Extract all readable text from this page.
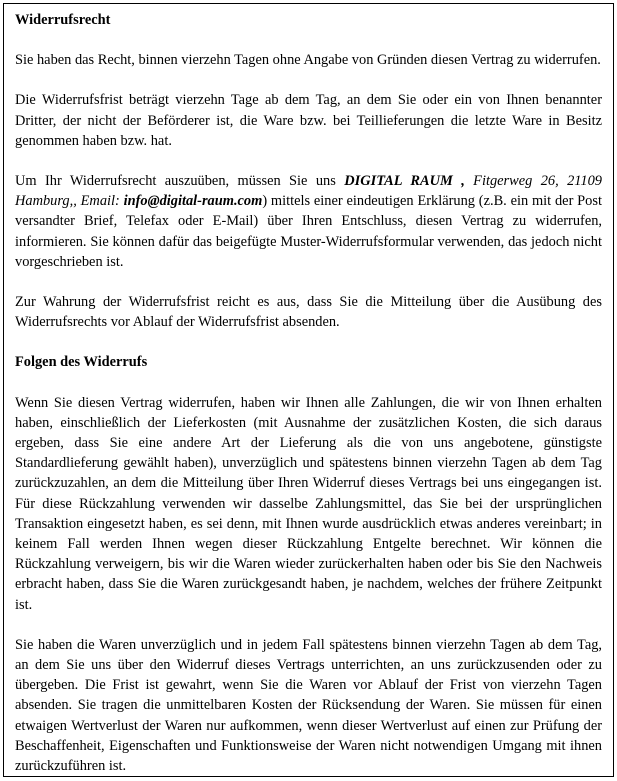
Widerrufsrecht

Sie haben das Recht, binnen vierzehn Tagen ohne Angabe von Gründen diesen Vertrag zu widerrufen.

Die Widerrufsfrist beträgt vierzehn Tage ab dem Tag, an dem Sie oder ein von Ihnen benannter Dritter, der nicht der Beförderer ist, die Ware bzw. bei Teillieferungen die letzte Ware in Besitz genommen haben bzw. hat.

Um Ihr Widerrufsrecht auszuüben, müssen Sie uns DIGITAL RAUM , Fitgerweg 26, 21109 Hamburg,, Email: info@digital-raum.com) mittels einer eindeutigen Erklärung (z.B. ein mit der Post versandter Brief, Telefax oder E-Mail) über Ihren Entschluss, diesen Vertrag zu widerrufen, informieren. Sie können dafür das beigefügte Muster-Widerrufsformular verwenden, das jedoch nicht vorgeschrieben ist.

Zur Wahrung der Widerrufsfrist reicht es aus, dass Sie die Mitteilung über die Ausübung des Widerrufsrechts vor Ablauf der Widerrufsfrist absenden.

Folgen des Widerrufs

Wenn Sie diesen Vertrag widerrufen, haben wir Ihnen alle Zahlungen, die wir von Ihnen erhalten haben, einschließlich der Lieferkosten (mit Ausnahme der zusätzlichen Kosten, die sich daraus ergeben, dass Sie eine andere Art der Lieferung als die von uns angebotene, günstigste Standardlieferung gewählt haben), unverzüglich und spätestens binnen vierzehn Tagen ab dem Tag zurückzuzahlen, an dem die Mitteilung über Ihren Widerruf dieses Vertrags bei uns eingegangen ist. Für diese Rückzahlung verwenden wir dasselbe Zahlungsmittel, das Sie bei der ursprünglichen Transaktion eingesetzt haben, es sei denn, mit Ihnen wurde ausdrücklich etwas anderes vereinbart; in keinem Fall werden Ihnen wegen dieser Rückzahlung Entgelte berechnet. Wir können die Rückzahlung verweigern, bis wir die Waren wieder zurückerhalten haben oder bis Sie den Nachweis erbracht haben, dass Sie die Waren zurückgesandt haben, je nachdem, welches der frühere Zeitpunkt ist.

Sie haben die Waren unverzüglich und in jedem Fall spätestens binnen vierzehn Tagen ab dem Tag, an dem Sie uns über den Widerruf dieses Vertrags unterrichten, an uns zurückzusenden oder zu übergeben. Die Frist ist gewahrt, wenn Sie die Waren vor Ablauf der Frist von vierzehn Tagen absenden. Sie tragen die unmittelbaren Kosten der Rücksendung der Waren. Sie müssen für einen etwaigen Wertverlust der Waren nur aufkommen, wenn dieser Wertverlust auf einen zur Prüfung der Beschaffenheit, Eigenschaften und Funktionsweise der Waren nicht notwendigen Umgang mit ihnen zurückzuführen ist.
